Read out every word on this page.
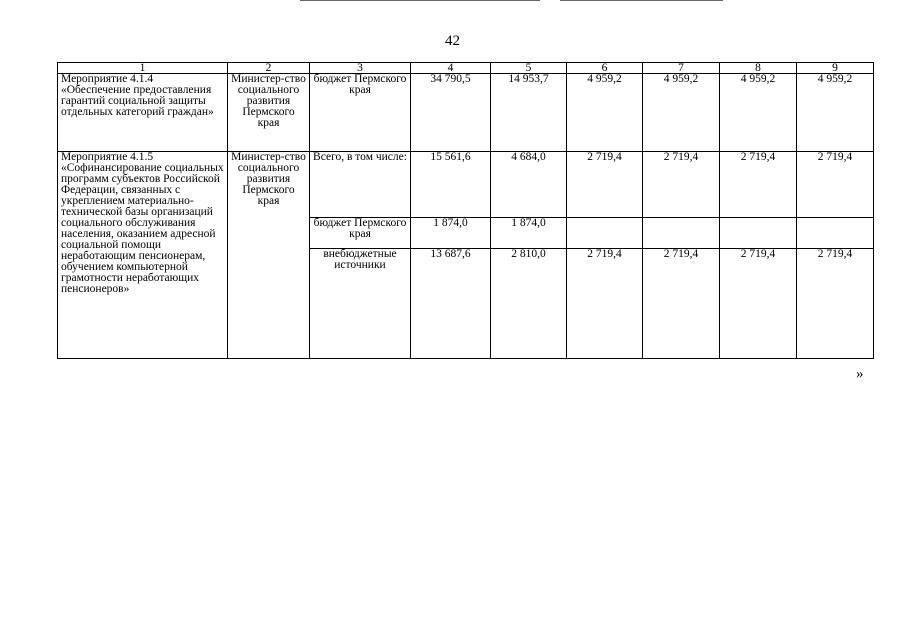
42
1	2	3	4	5	6	7	8	9
Мероприятие 4.1.4 «Обеспечение предоставления гарантий социальной защиты отдельных категорий граждан»	Министер-ство социального развития Пермского края	бюджет Пермского края	34 790,5	14 953,7	4 959,2	4 959,2	4 959,2	4 959,2
Мероприятие 4.1.5 «Софинансирование социальных программ субъектов Российской Федерации, связанных с укреплением материально-технической базы организаций социального обслуживания населения, оказанием адресной социальной помощи неработающим пенсионерам, обучением компьютерной грамотности неработающих пенсионеров»	Министер-ство социального развития Пермского края	Всего, в том числе:	15 561,6	4 684,0	2 719,4	2 719,4	2 719,4	2 719,4
		бюджет Пермского края	1 874,0	1 874,0				
		внебюджетные источники	13 687,6	2 810,0	2 719,4	2 719,4	2 719,4	2 719,4
»
